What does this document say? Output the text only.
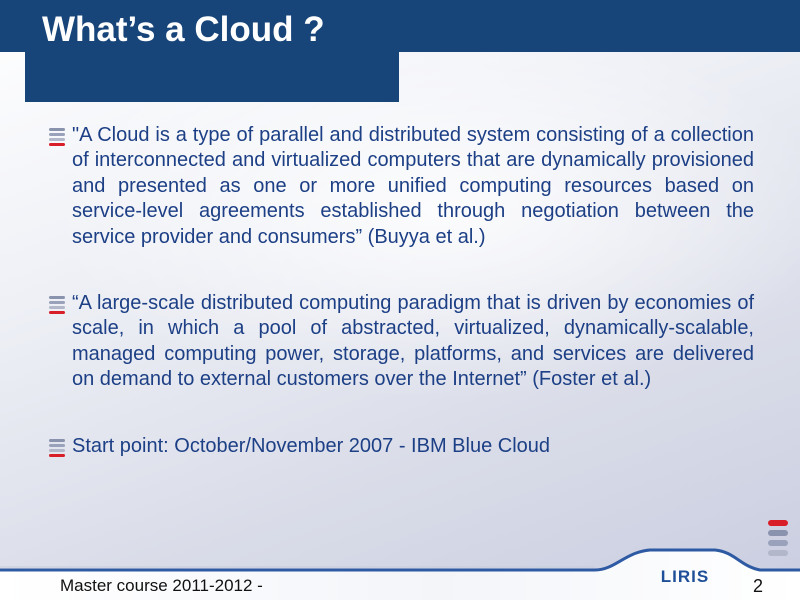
What’s a Cloud ?
"A Cloud is a type of parallel and distributed system consisting of a collection of interconnected and virtualized computers that are dynamically provisioned and presented as one or more unified computing resources based on service-level agreements established through negotiation between the service provider and consumers” (Buyya et al.)
“A large-scale distributed computing paradigm that is driven by economies of scale, in which a pool of abstracted, virtualized, dynamically-scalable, managed computing power, storage, platforms, and services are delivered on demand to external customers over the Internet” (Foster et al.)
Start point: October/November 2007 - IBM Blue Cloud
LIRIS
Master course 2011-2012 -	2
